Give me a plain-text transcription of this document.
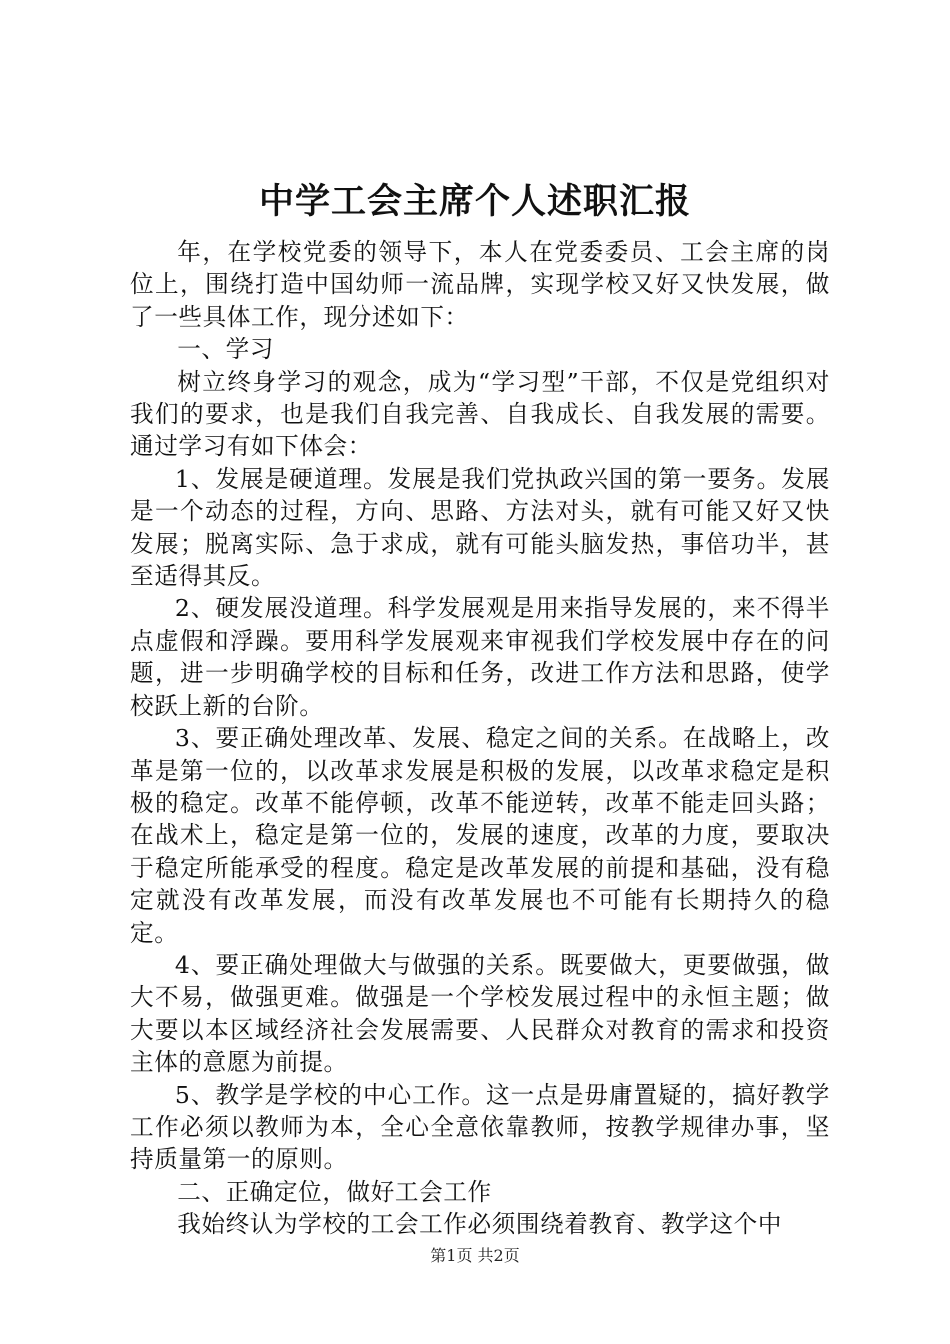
中学工会主席个人述职汇报

年，在学校党委的领导下，本人在党委委员、工会主席的岗位上，围绕打造中国幼师一流品牌，实现学校又好又快发展，做了一些具体工作，现分述如下：

一、学习

树立终身学习的观念，成为“学习型”干部，不仅是党组织对我们的要求，也是我们自我完善、自我成长、自我发展的需要。通过学习有如下体会：

1、发展是硬道理。发展是我们党执政兴国的第一要务。发展是一个动态的过程，方向、思路、方法对头，就有可能又好又快发展；脱离实际、急于求成，就有可能头脑发热，事倍功半，甚至适得其反。

2、硬发展没道理。科学发展观是用来指导发展的，来不得半点虚假和浮躁。要用科学发展观来审视我们学校发展中存在的问题，进一步明确学校的目标和任务，改进工作方法和思路，使学校跃上新的台阶。

3、要正确处理改革、发展、稳定之间的关系。在战略上，改革是第一位的，以改革求发展是积极的发展，以改革求稳定是积极的稳定。改革不能停顿，改革不能逆转，改革不能走回头路；在战术上，稳定是第一位的，发展的速度，改革的力度，要取决于稳定所能承受的程度。稳定是改革发展的前提和基础，没有稳定就没有改革发展，而没有改革发展也不可能有长期持久的稳定。

4、要正确处理做大与做强的关系。既要做大，更要做强，做大不易，做强更难。做强是一个学校发展过程中的永恒主题；做大要以本区域经济社会发展需要、人民群众对教育的需求和投资主体的意愿为前提。

5、教学是学校的中心工作。这一点是毋庸置疑的，搞好教学工作必须以教师为本，全心全意依靠教师，按教学规律办事，坚持质量第一的原则。

二、正确定位，做好工会工作

我始终认为学校的工会工作必须围绕着教育、教学这个中

第1页 共2页
